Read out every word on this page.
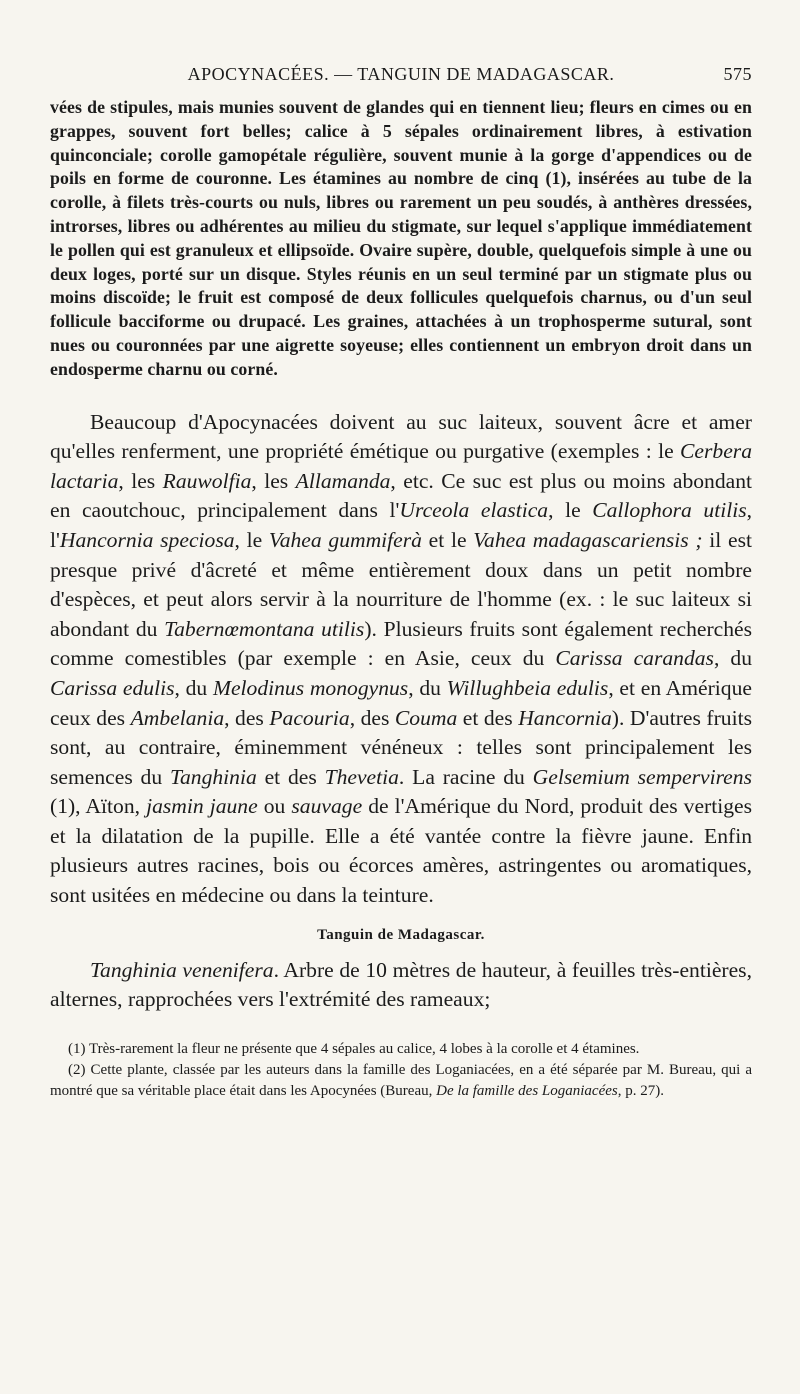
APOCYNACÉES. — TANGUIN DE MADAGASCAR.	575

vées de stipules, mais munies souvent de glandes qui en tiennent lieu; fleurs en cimes ou en grappes, souvent fort belles; calice à 5 sépales ordinairement libres, à estivation quinconciale; corolle gamopétale régulière, souvent munie à la gorge d'appendices ou de poils en forme de couronne. Les étamines au nombre de cinq (1), insérées au tube de la corolle, à filets très-courts ou nuls, libres ou rarement un peu soudés, à anthères dressées, introrses, libres ou adhérentes au milieu du stigmate, sur lequel s'applique immédiatement le pollen qui est granuleux et ellipsoïde. Ovaire supère, double, quelquefois simple à une ou deux loges, porté sur un disque. Styles réunis en un seul terminé par un stigmate plus ou moins discoïde; le fruit est composé de deux follicules quelquefois charnus, ou d'un seul follicule bacciforme ou drupacé. Les graines, attachées à un trophosperme sutural, sont nues ou couronnées par une aigrette soyeuse; elles contiennent un embryon droit dans un endosperme charnu ou corné.

Beaucoup d'Apocynacées doivent au suc laiteux, souvent âcre et amer qu'elles renferment, une propriété émétique ou purgative (exemples : le Cerbera lactaria, les Rauwolfia, les Allamanda, etc. Ce suc est plus ou moins abondant en caoutchouc, principalement dans l'Urceola elastica, le Callophora utilis, l'Hancornia speciosa, le Vahea gummiferà et le Vahea madagascariensis ; il est presque privé d'âcreté et même entièrement doux dans un petit nombre d'espèces, et peut alors servir à la nourriture de l'homme (ex. : le suc laiteux si abondant du Tabernœmontana utilis). Plusieurs fruits sont également recherchés comme comestibles (par exemple : en Asie, ceux du Carissa carandas, du Carissa edulis, du Melodinus monogynus, du Willughbeia edulis, et en Amérique ceux des Ambelania, des Pacouria, des Couma et des Hancornia). D'autres fruits sont, au contraire, éminemment vénéneux : telles sont principalement les semences du Tanghinia et des Thevetia. La racine du Gelsemium sempervirens (1), Aïton, jasmin jaune ou sauvage de l'Amérique du Nord, produit des vertiges et la dilatation de la pupille. Elle a été vantée contre la fièvre jaune. Enfin plusieurs autres racines, bois ou écorces amères, astringentes ou aromatiques, sont usitées en médecine ou dans la teinture.

Tanguin de Madagascar.

Tanghinia venenifera. Arbre de 10 mètres de hauteur, à feuilles très-entières, alternes, rapprochées vers l'extrémité des rameaux;

(1) Très-rarement la fleur ne présente que 4 sépales au calice, 4 lobes à la corolle et 4 étamines.

(2) Cette plante, classée par les auteurs dans la famille des Loganiacées, en a été séparée par M. Bureau, qui a montré que sa véritable place était dans les Apocynées (Bureau, De la famille des Loganiacées, p. 27).
